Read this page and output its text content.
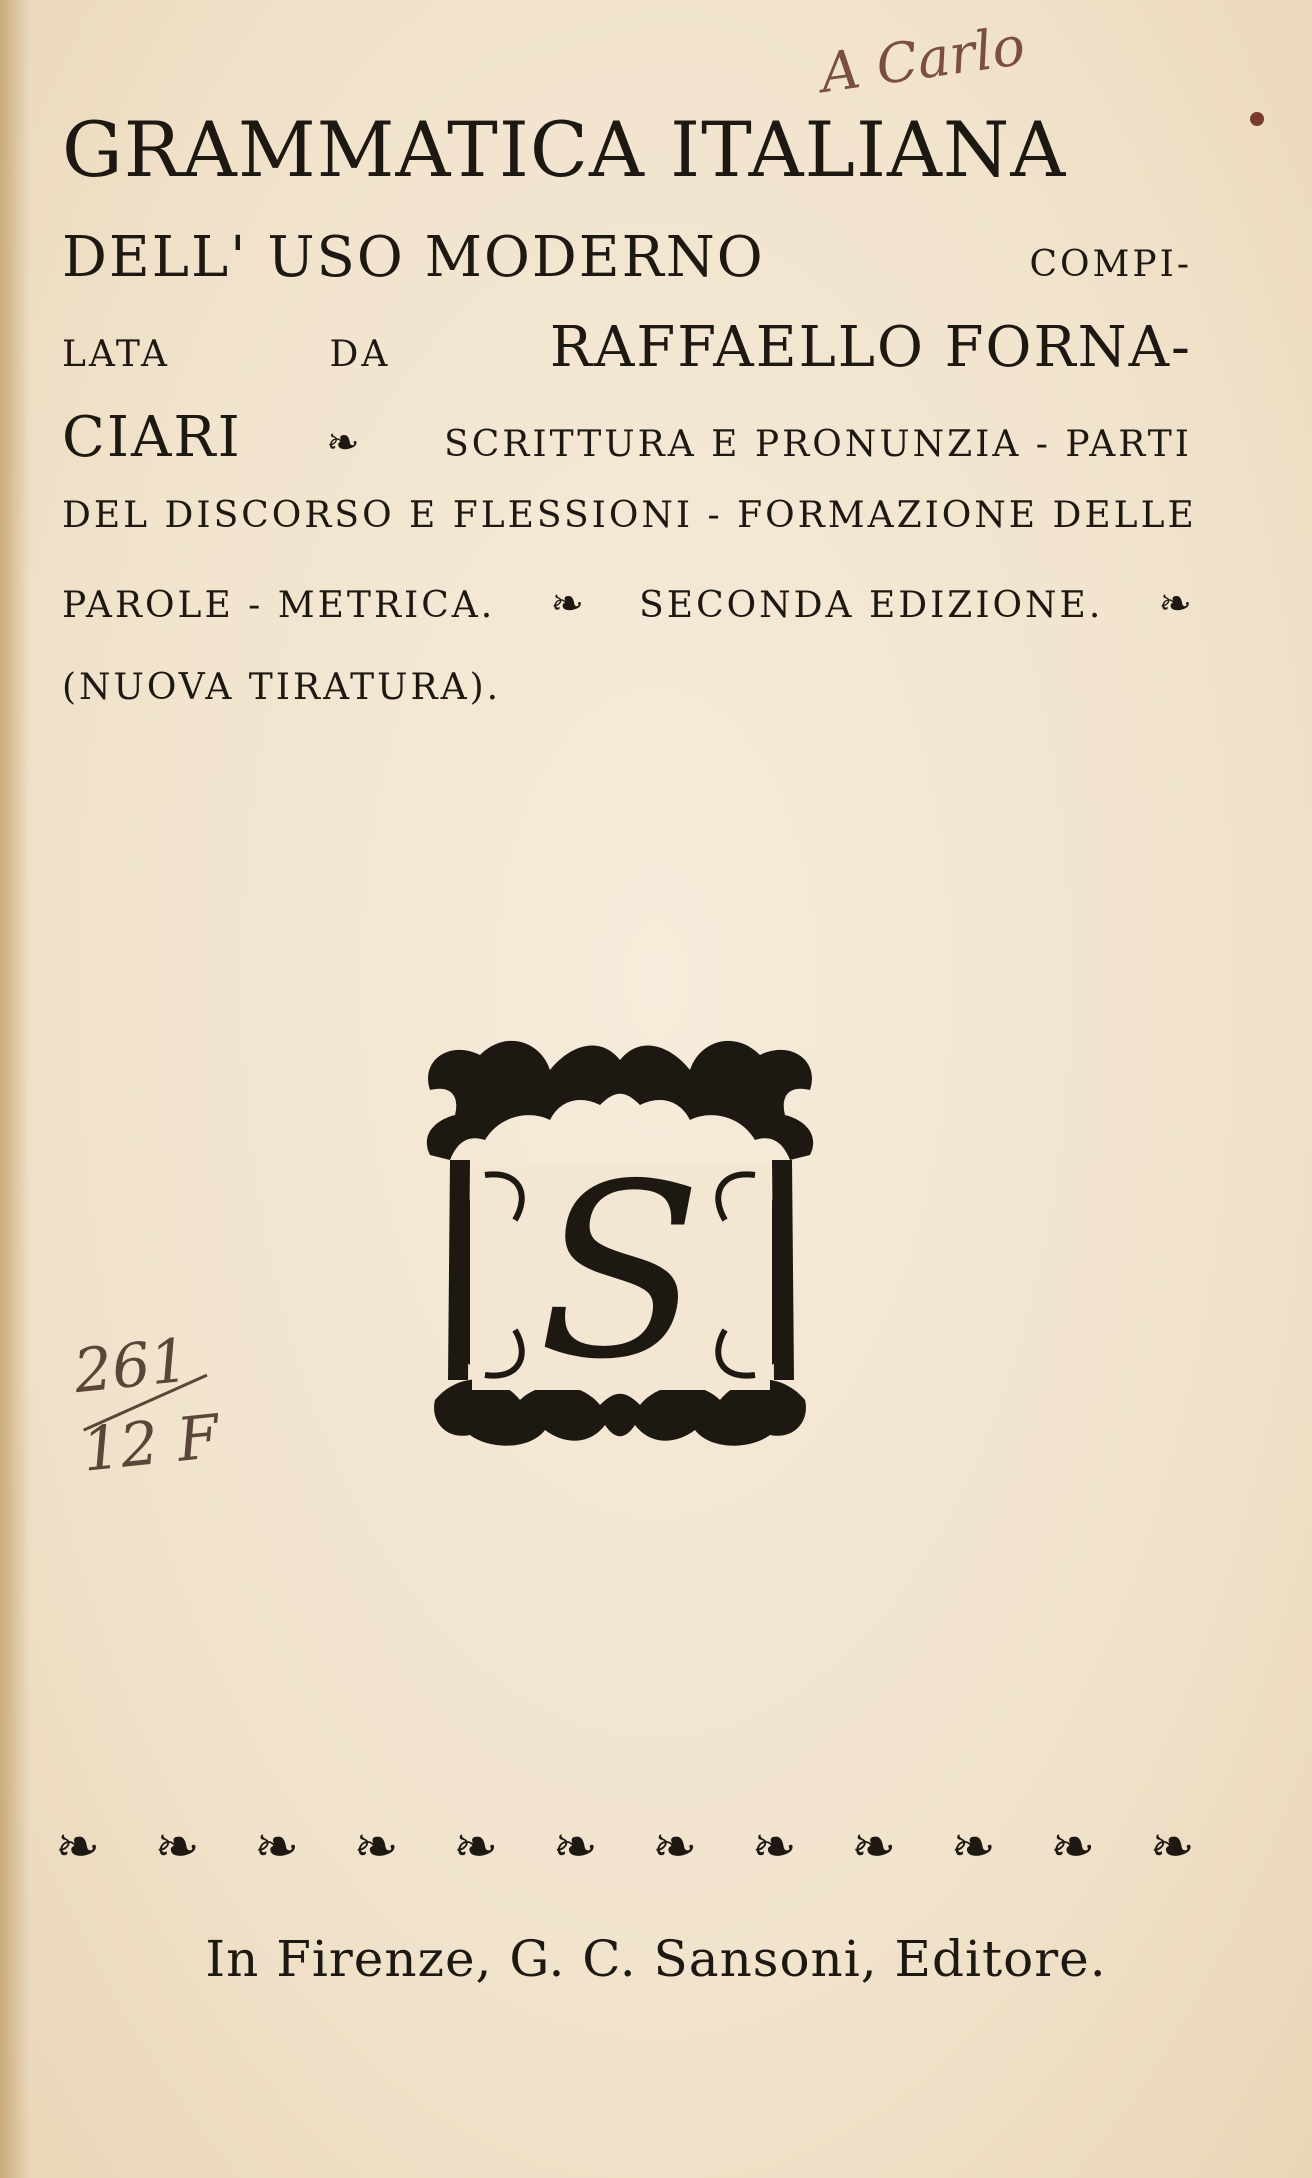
A Carlo
GRAMMATICA ITALIANA
DELL' USO MODERNO	COMPI-
LATA	DA	RAFFAELLO FORNA-
CIARI ❧ SCRITTURA E PRONUNZIA - PARTI
DEL DISCORSO E FLESSIONI - FORMAZIONE DELLE
PAROLE - METRICA. ❧ SECONDA EDIZIONE. ❧
(NUOVA TIRATURA).
S
261
12 F
❧ ❧ ❧ ❧ ❧ ❧ ❧ ❧ ❧ ❧ ❧ ❧
In Firenze, G. C. Sansoni, Editore.
